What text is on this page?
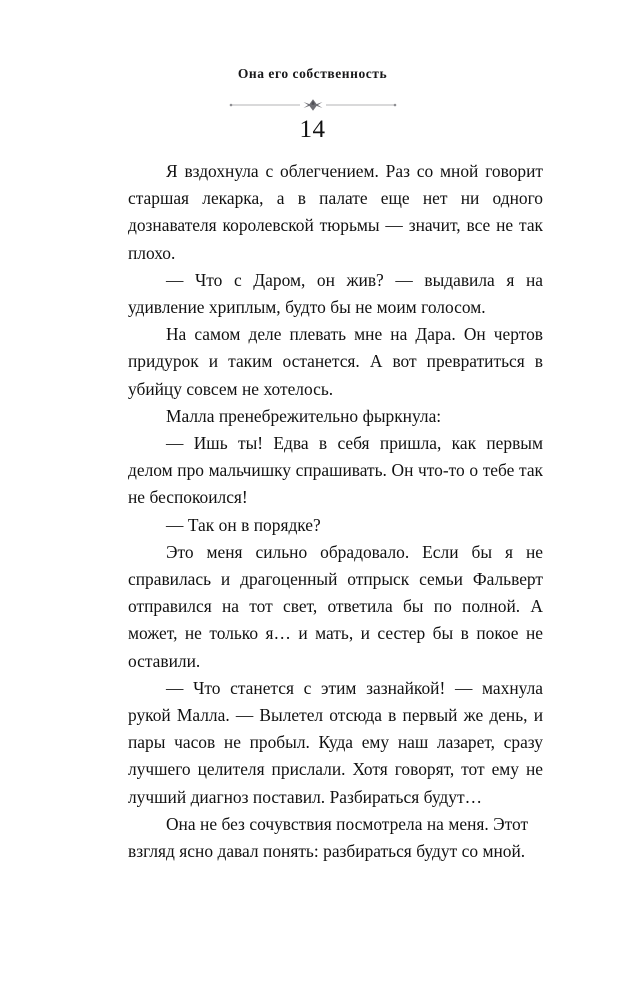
Она его собственность
14

Я вздохнула с облегчением. Раз со мной говорит старшая лекарка, а в палате еще нет ни одного дознавателя королевской тюрьмы — значит, все не так плохо.

— Что с Даром, он жив? — выдавила я на удивление хриплым, будто бы не моим голосом.

На самом деле плевать мне на Дара. Он чертов придурок и таким останется. А вот превратиться в убийцу совсем не хотелось.

Малла пренебрежительно фыркнула:

— Ишь ты! Едва в себя пришла, как первым делом про мальчишку спрашивать. Он что-то о тебе так не беспокоился!

— Так он в порядке?

Это меня сильно обрадовало. Если бы я не справилась и драгоценный отпрыск семьи Фальверт отправился на тот свет, ответила бы по полной. А может, не только я… и мать, и сестер бы в покое не оставили.

— Что станется с этим зазнайкой! — махнула рукой Малла. — Вылетел отсюда в первый же день, и пары часов не пробыл. Куда ему наш лазарет, сразу лучшего целителя прислали. Хотя говорят, тот ему не лучший диагноз поставил. Разбираться будут…

Она не без сочувствия посмотрела на меня. Этот взгляд ясно давал понять: разбираться будут со мной.
